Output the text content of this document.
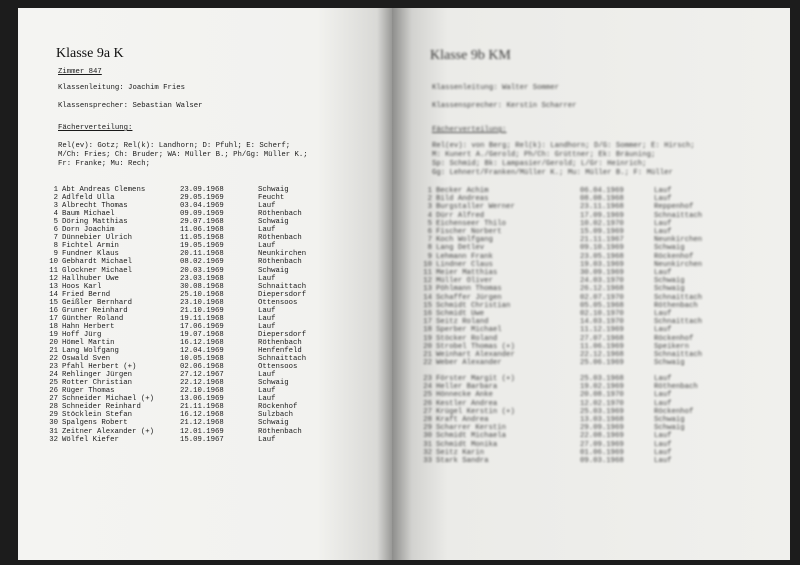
Klasse 9a K
Zimmer 847
Klassenleitung: Joachim Fries
Klassensprecher: Sebastian Walser
Fächerverteilung:
Rel(ev): Gotz; Rel(k): Landhorn; D: Pfuhl; E: Scherf;
M/Ch: Fries; Ch: Bruder; WA: Müller B.; Ph/Gg: Müller K.;
Fr: Franke; Mu: Rech;
1 Abt Andreas Clemens	23.09.1968	Schwaig
2 Adlfeld Ulla	29.05.1969	Feucht
3 Albrecht Thomas	03.04.1969	Lauf
4 Baum Michael	09.09.1969	Röthenbach
5 Döring Matthias	29.07.1968	Schwaig
6 Dorn Joachim	11.06.1968	Lauf
7 Dünnebier Ulrich	11.05.1968	Röthenbach
8 Fichtel Armin	19.05.1969	Lauf
9 Fundner Klaus	20.11.1968	Neunkirchen
10 Gebhardt Michael	08.02.1969	Röthenbach
11 Glockner Michael	20.03.1969	Schwaig
12 Hallhuber Uwe	23.03.1968	Lauf
13 Hoos Karl	30.08.1968	Schnaittach
14 Fried Bernd	25.10.1968	Diepersdorf
15 Geißler Bernhard	23.10.1968	Ottensoos
16 Gruner Reinhard	21.10.1969	Lauf
17 Günther Roland	19.11.1968	Lauf
18 Hahn Herbert	17.06.1969	Lauf
19 Hoff Jürg	19.07.1968	Diepersdorf
20 Hömel Martin	16.12.1968	Röthenbach
21 Lang Wolfgang	12.04.1969	Henfenfeld
22 Oswald Sven	10.05.1968	Schnaittach
23 Pfahl Herbert (+)	02.06.1968	Ottensoos
24 Rehlinger Jürgen	27.12.1967	Lauf
25 Rotter Christian	22.12.1968	Schwaig
26 Rüger Thomas	22.10.1968	Lauf
27 Schneider Michael (+)	13.06.1969	Lauf
28 Schneider Reinhard	21.11.1968	Röckenhof
29 Stöcklein Stefan	16.12.1968	Sulzbach
30 Spalgens Robert	21.12.1968	Schwaig
31 Zeitner Alexander (+)	12.01.1969	Röthenbach
32 Wölfel Kiefer	15.09.1967	Lauf
Klasse 9b KM
Klassenleitung: Walter Sommer
Klassensprecher: Kerstin Scharrer
Fächerverteilung:
Rel(ev): von Berg; Rel(k): Landhorn; D/G: Sommer; E: Hirsch;
M: Kunert A./Gerold; Ph/Ch: Grüttner; Ek: Bräuning;
Sp: Schmid; Bk: Lampasier/Gerold; L/Gr: Heinrich;
Gg: Lehnert/Franken/Müller K.; Mu: Müller B.; F: Müller
1 Becker Achim	06.04.1969	Lauf
2 Bild Andreas	08.08.1968	Lauf
3 Burgstaller Werner	23.11.1968	Reppenhof
4 Dürr Alfred	17.09.1969	Schnaittach
5 Eichenseer Thilo	10.02.1970	Lauf
6 Fischer Norbert	15.09.1969	Lauf
7 Koch Wolfgang	21.11.1967	Neunkirchen
8 Lang Detlev	09.10.1969	Schwaig
9 Lehmann Frank	23.05.1968	Röckenhof
10 Lindner Claus	19.03.1969	Neunkirchen
11 Meier Matthias	30.09.1969	Lauf
12 Müller Oliver	24.03.1970	Schwaig
13 Pöhlmann Thomas	26.12.1968	Schwaig
14 Schaffer Jürgen	02.07.1970	Schnaittach
15 Schmidt Christian	05.05.1968	Röthenbach
16 Schmidt Uwe	02.10.1970	Lauf
17 Seitz Roland	14.03.1970	Schnaittach
18 Sperber Michael	11.12.1969	Lauf
19 Stöcker Roland	27.07.1968	Röckenhof
20 Strobel Thomas (+)	11.06.1969	Speikern
21 Weinhart Alexander	22.12.1968	Schnaittach
22 Weber Alexander	25.06.1969	Schwaig
23 Förster Margit (+)	25.03.1968	Lauf
24 Heller Barbara	19.02.1969	Röthenbach
25 Hönnecke Anke	20.08.1970	Lauf
26 Kestler Andrea	12.02.1970	Lauf
27 Krügel Kerstin (+)	25.03.1969	Röckenhof
28 Kraft Andrea	13.03.1968	Schwaig
29 Scharrer Kerstin	29.09.1969	Schwaig
30 Schmidt Michaela	22.08.1969	Lauf
31 Schmidt Monika	27.09.1969	Lauf
32 Seitz Karin	01.06.1969	Lauf
33 Stark Sandra	09.03.1968	Lauf
